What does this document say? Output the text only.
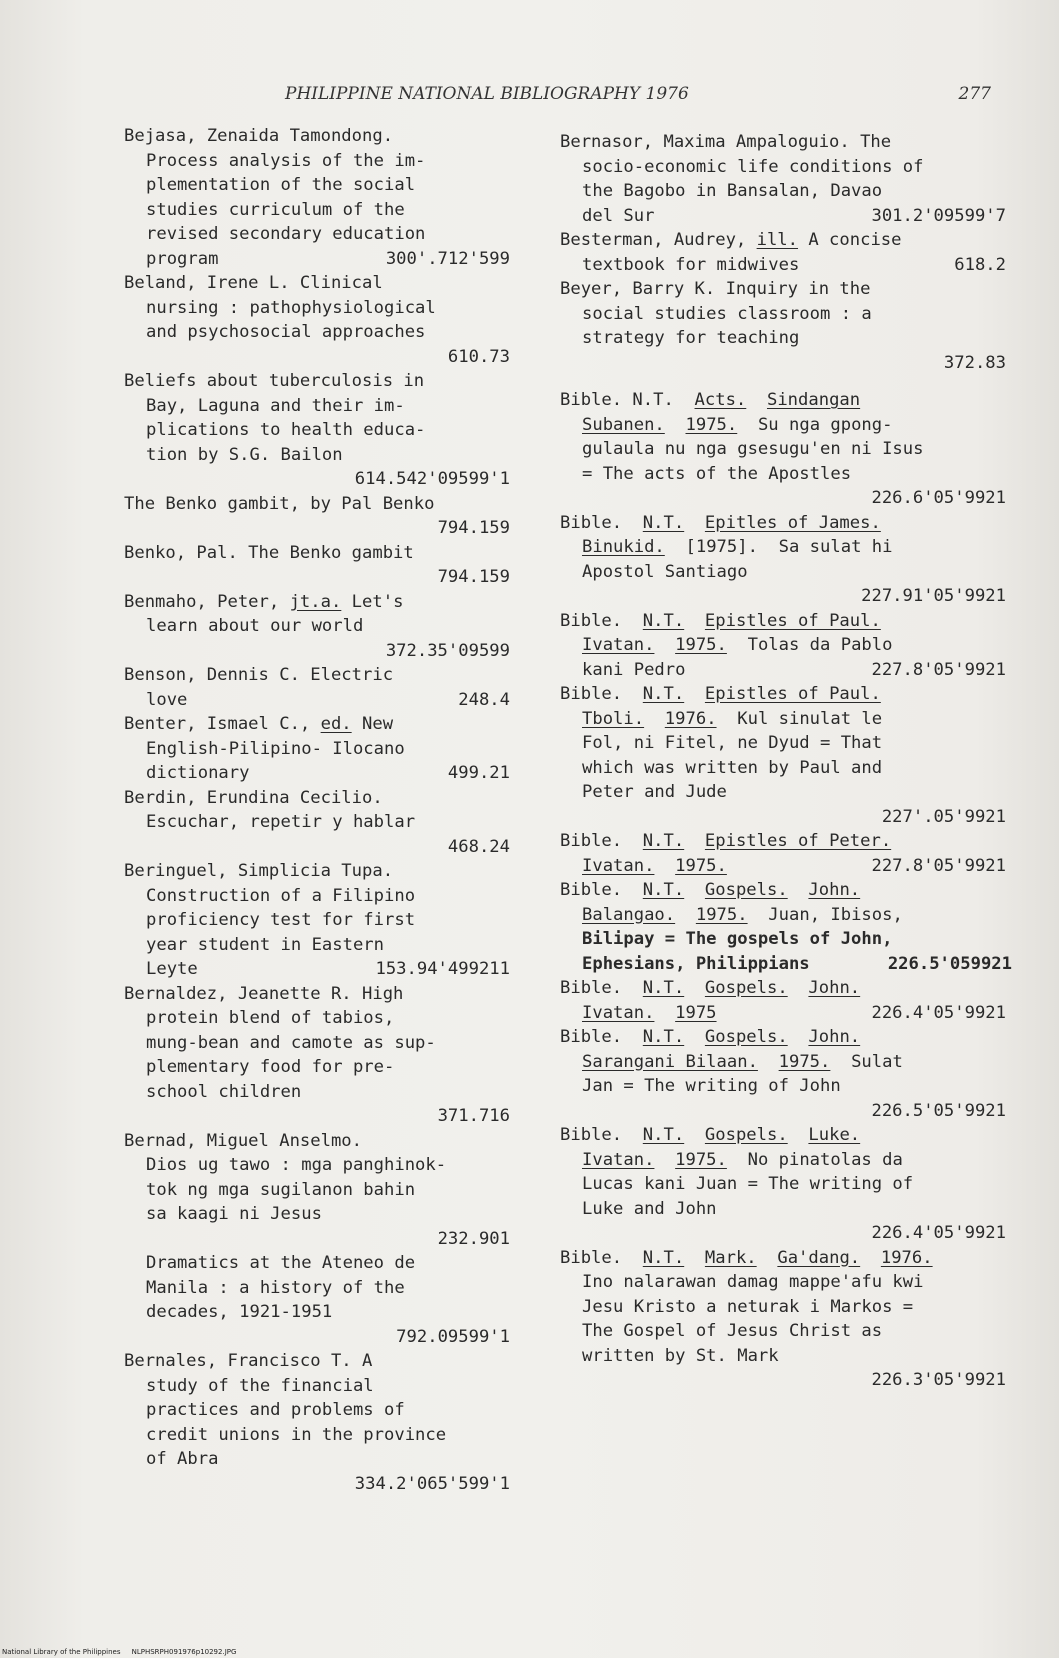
PHILIPPINE NATIONAL BIBLIOGRAPHY 1976	277
Bejasa, Zenaida Tamondong.
Process analysis of the im-
plementation of the social
studies curriculum of the
revised secondary education
program	300'.712'599
Beland, Irene L. Clinical
nursing : pathophysiological
and psychosocial approaches
610.73
Beliefs about tuberculosis in
Bay, Laguna and their im-
plications to health educa-
tion by S.G. Bailon
614.542'09599'1
The Benko gambit, by Pal Benko
794.159
Benko, Pal. The Benko gambit
794.159
Benmaho, Peter, jt.a. Let's
learn about our world
372.35'09599
Benson, Dennis C. Electric
love	248.4
Benter, Ismael C., ed. New
English-Pilipino- Ilocano
dictionary	499.21
Berdin, Erundina Cecilio.
Escuchar, repetir y hablar
468.24
Beringuel, Simplicia Tupa.
Construction of a Filipino
proficiency test for first
year student in Eastern
Leyte	153.94'499211
Bernaldez, Jeanette R. High
protein blend of tabios,
mung-bean and camote as sup-
plementary food for pre-
school children
371.716
Bernad, Miguel Anselmo.
Dios ug tawo : mga panghinok-
tok ng mga sugilanon bahin
sa kaagi ni Jesus
232.901
Dramatics at the Ateneo de
Manila : a history of the
decades, 1921-1951
792.09599'1
Bernales, Francisco T. A
study of the financial
practices and problems of
credit unions in the province
of Abra
334.2'065'599'1
Bernasor, Maxima Ampaloguio. The
socio-economic life conditions of
the Bagobo in Bansalan, Davao
del Sur	301.2'09599'7
Besterman, Audrey, ill. A concise
textbook for midwives	618.2
Beyer, Barry K. Inquiry in the
social studies classroom : a
strategy for teaching
372.83
Bible. N.T. Acts. Sindangan
Subanen. 1975. Su nga gpong-
gulaula nu nga gsesugu'en ni Isus
= The acts of the Apostles
226.6'05'9921
Bible. N.T. Epitles of James.
Binukid. [1975]. Sa sulat hi
Apostol Santiago
227.91'05'9921
Bible. N.T. Epistles of Paul.
Ivatan. 1975. Tolas da Pablo
kani Pedro	227.8'05'9921
Bible. N.T. Epistles of Paul.
Tboli. 1976. Kul sinulat le
Fol, ni Fitel, ne Dyud = That
which was written by Paul and
Peter and Jude
227'.05'9921
Bible. N.T. Epistles of Peter.
Ivatan. 1975.	227.8'05'9921
Bible. N.T. Gospels. John.
Balangao. 1975. Juan, Ibisos,
Bilipay = The gospels of John,
Ephesians, Philippians	226.5'059921
Bible. N.T. Gospels. John.
Ivatan. 1975	226.4'05'9921
Bible. N.T. Gospels. John.
Sarangani Bilaan. 1975. Sulat
Jan = The writing of John
226.5'05'9921
Bible. N.T. Gospels. Luke.
Ivatan. 1975. No pinatolas da
Lucas kani Juan = The writing of
Luke and John
226.4'05'9921
Bible. N.T. Mark. Ga'dang. 1976.
Ino nalarawan damag mappe'afu kwi
Jesu Kristo a neturak i Markos =
The Gospel of Jesus Christ as
written by St. Mark
226.3'05'9921
National Library of the Philippines     NLPHSRPH091976p10292.JPG
